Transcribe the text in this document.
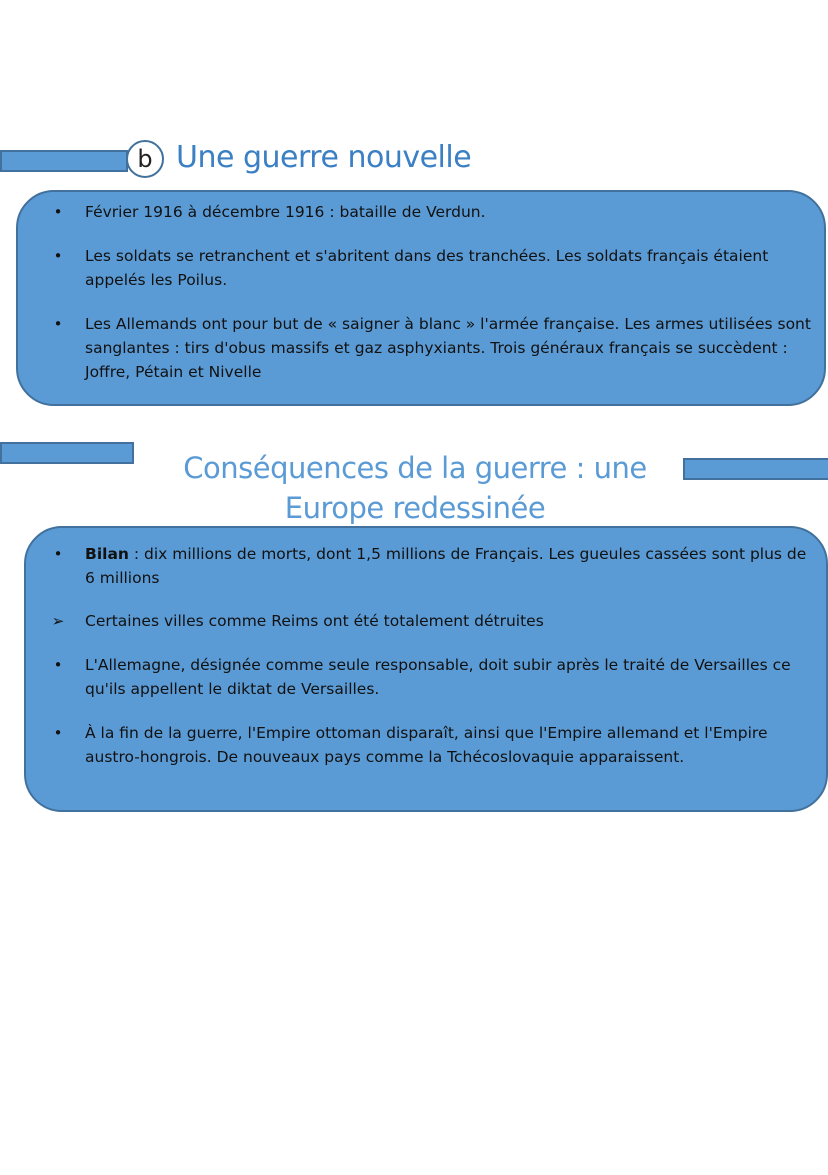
b Une guerre nouvelle
•	Février 1916 à décembre 1916 : bataille de Verdun.
•	Les soldats se retranchent et s'abritent dans des tranchées. Les soldats français étaient appelés les Poilus.
•	Les Allemands ont pour but de « saigner à blanc » l'armée française. Les armes utilisées sont sanglantes : tirs d'obus massifs et gaz asphyxiants. Trois généraux français se succèdent : Joffre, Pétain et Nivelle
Conséquences de la guerre : une Europe redessinée
•	Bilan : dix millions de morts, dont 1,5 millions de Français. Les gueules cassées sont plus de 6 millions
➢ Certaines villes comme Reims ont été totalement détruites
•	L'Allemagne, désignée comme seule responsable, doit subir après le traité de Versailles ce qu'ils appellent le diktat de Versailles.
•	À la fin de la guerre, l'Empire ottoman disparaît, ainsi que l'Empire allemand et l'Empire austro-hongrois. De nouveaux pays comme la Tchécoslovaquie apparaissent.
